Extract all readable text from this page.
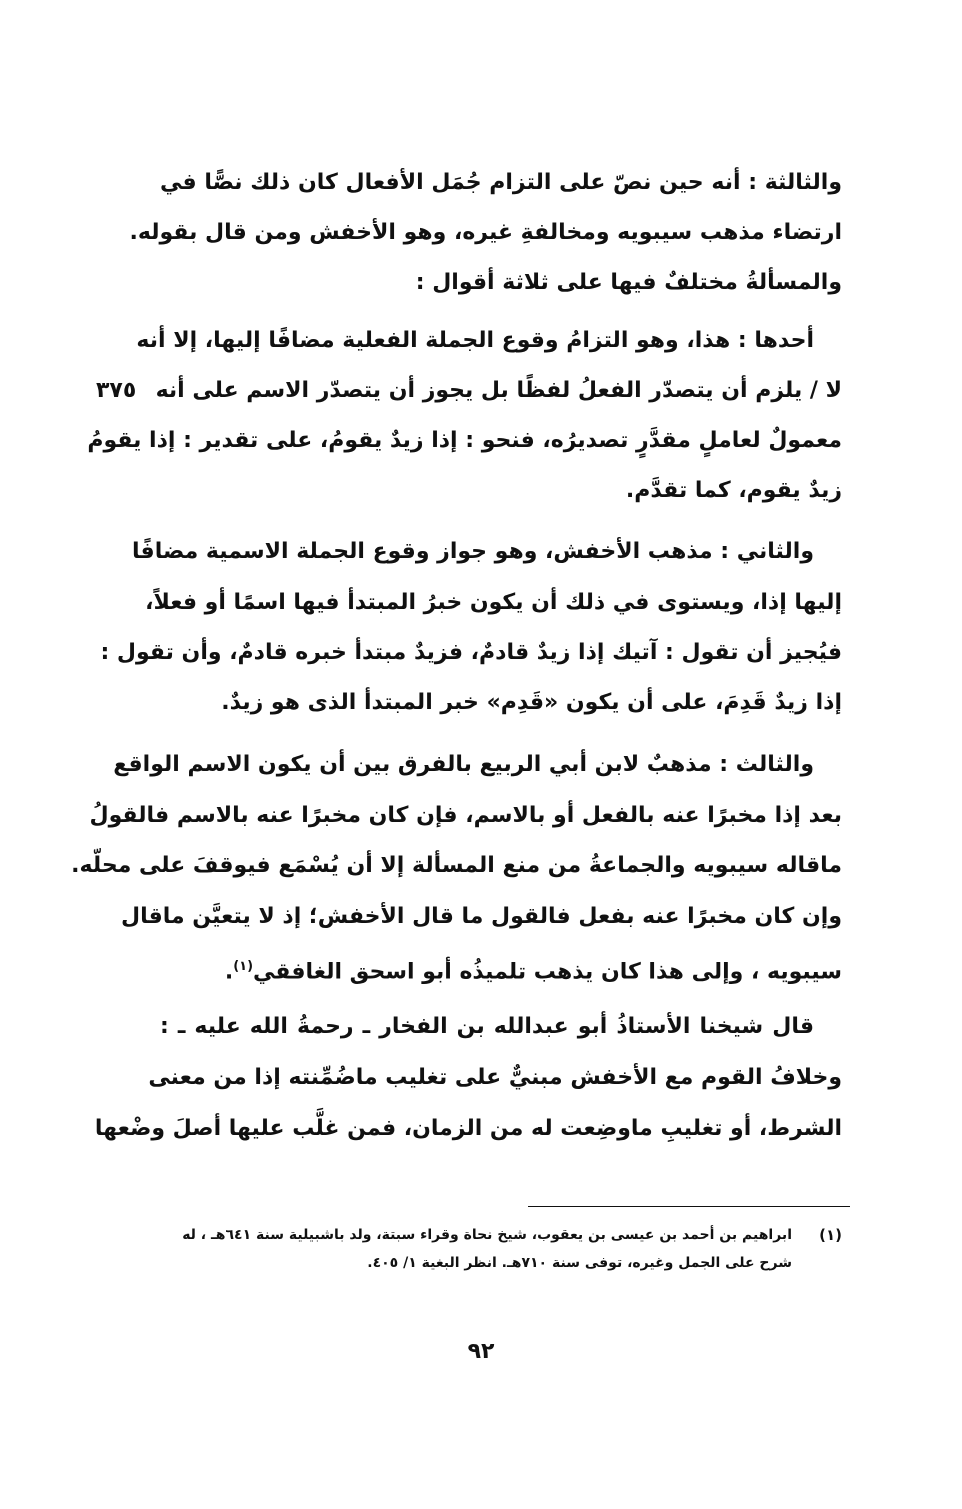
والثالثة : أنه حين نصّ على التزام جُمَل الأفعال كان ذلك نصًّا في
ارتضاء مذهب سيبويه ومخالفةِ غيره، وهو الأخفش ومن قال بقوله.
والمسألةُ مختلفٌ فيها على ثلاثة أقوال :
أحدها : هذا، وهو التزامُ وقوع الجملة الفعلية مضافًا إليها، إلا أنه
لا / يلزم أن يتصدّر الفعلُ لفظًا بل يجوز أن يتصدّر الاسم على أنه
معمولٌ لعاملٍ مقدَّرٍ تصديرُه، فنحو : إذا زيدٌ يقومُ، على تقدير : إذا يقومُ
زيدٌ يقوم، كما تقدَّم.
٣٧٥
والثاني : مذهب الأخفش، وهو جواز وقوع الجملة الاسمية مضافًا
إليها إذا، ويستوى في ذلك أن يكون خبرُ المبتدأ فيها اسمًا أو فعلاً،
فيُجيز أن تقول : آتيك إذا زيدٌ قادمٌ، فزيدٌ مبتدأ خبره قادمٌ، وأن تقول :
إذا زيدٌ قَدِمَ، على أن يكون «قَدِم» خبر المبتدأ الذى هو زيدٌ.
والثالث : مذهبٌ لابن أبي الربيع بالفرق بين أن يكون الاسم الواقع
بعد إذا مخبرًا عنه بالفعل أو بالاسم، فإن كان مخبرًا عنه بالاسم فالقولُ
ماقاله سيبويه والجماعةُ من منع المسألة إلا أن يُسْمَع فيوقفَ على محلّه.
وإن كان مخبرًا عنه بفعل فالقول ما قال الأخفش؛ إذ لا يتعيَّن ماقال
سيبويه ، وإلى هذا كان يذهب تلميذُه أبو اسحق الغافقي$^{(١)}$.
قال شيخنا الأستاذُ أبو عبدالله بن الفخار ـ رحمةُ الله عليه ـ :
وخلافُ القوم مع الأخفش مبنيٌّ على تغليب ماضُمِّنته إذا من معنى
الشرط، أو تغليبِ ماوضِعت له من الزمان، فمن غلَّب عليها أصلَ وضْعها
(١)
ابراهيم بن أحمد بن عيسى بن يعقوب، شيخ نحاة وقراء سبتة، ولد باشبيلية سنة ٦٤١هـ ، له
شرح على الجمل وغيره، توفى سنة ٧١٠هـ. انظر البغية ١/ ٤٠٥.
٩٢
